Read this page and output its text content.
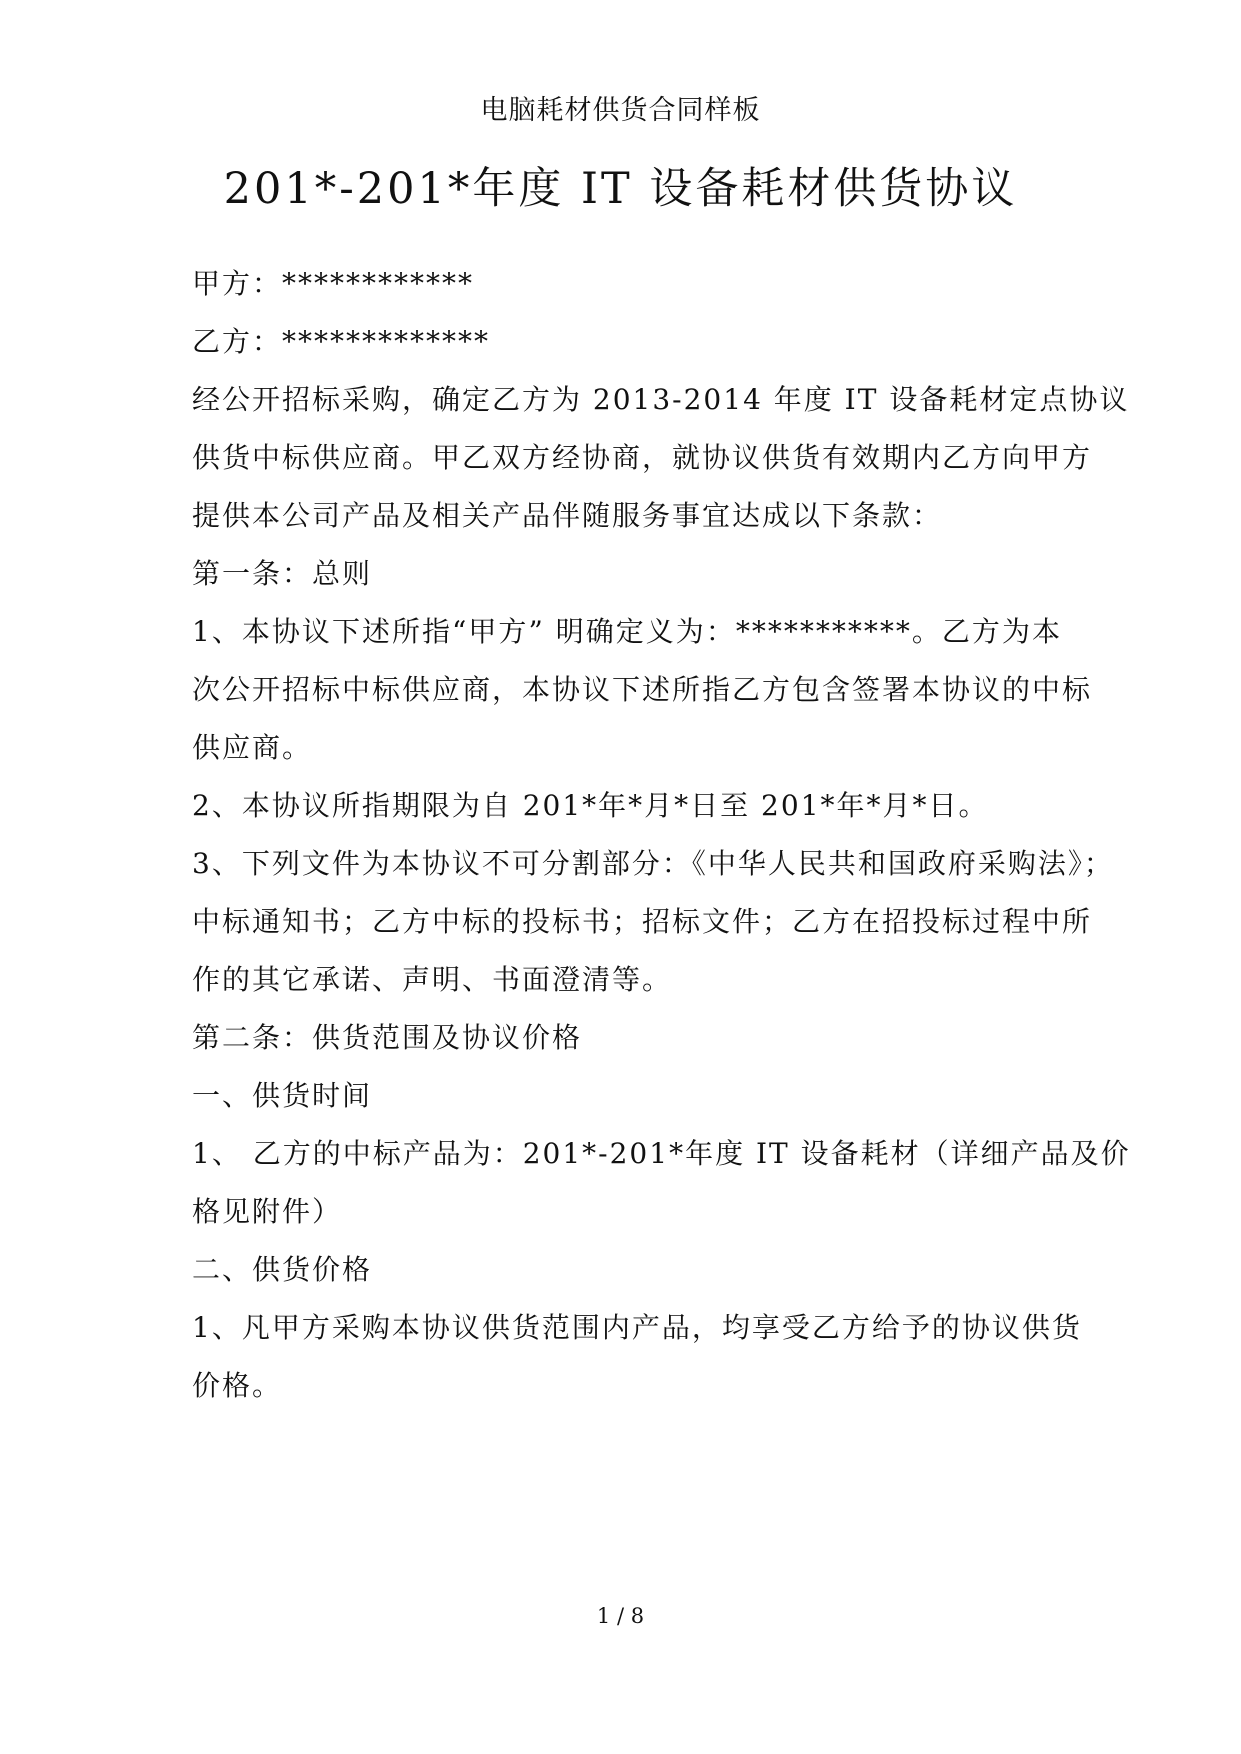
电脑耗材供货合同样板
201*-201*年度 IT 设备耗材供货协议
甲方：************
乙方：*************
经公开招标采购，确定乙方为 2013-2014 年度 IT 设备耗材定点协议
供货中标供应商。甲乙双方经协商，就协议供货有效期内乙方向甲方
提供本公司产品及相关产品伴随服务事宜达成以下条款：
第一条：总则
1、本协议下述所指“甲方” 明确定义为：***********。乙方为本
次公开招标中标供应商，本协议下述所指乙方包含签署本协议的中标
供应商。
2、本协议所指期限为自 201*年*月*日至 201*年*月*日。
3、下列文件为本协议不可分割部分：《中华人民共和国政府采购法》；
中标通知书；乙方中标的投标书；招标文件；乙方在招投标过程中所
作的其它承诺、声明、书面澄清等。
第二条：供货范围及协议价格
一、供货时间
1、 乙方的中标产品为：201*-201*年度 IT 设备耗材（详细产品及价
格见附件）
二、供货价格
1、凡甲方采购本协议供货范围内产品，均享受乙方给予的协议供货
价格。
1 / 8
